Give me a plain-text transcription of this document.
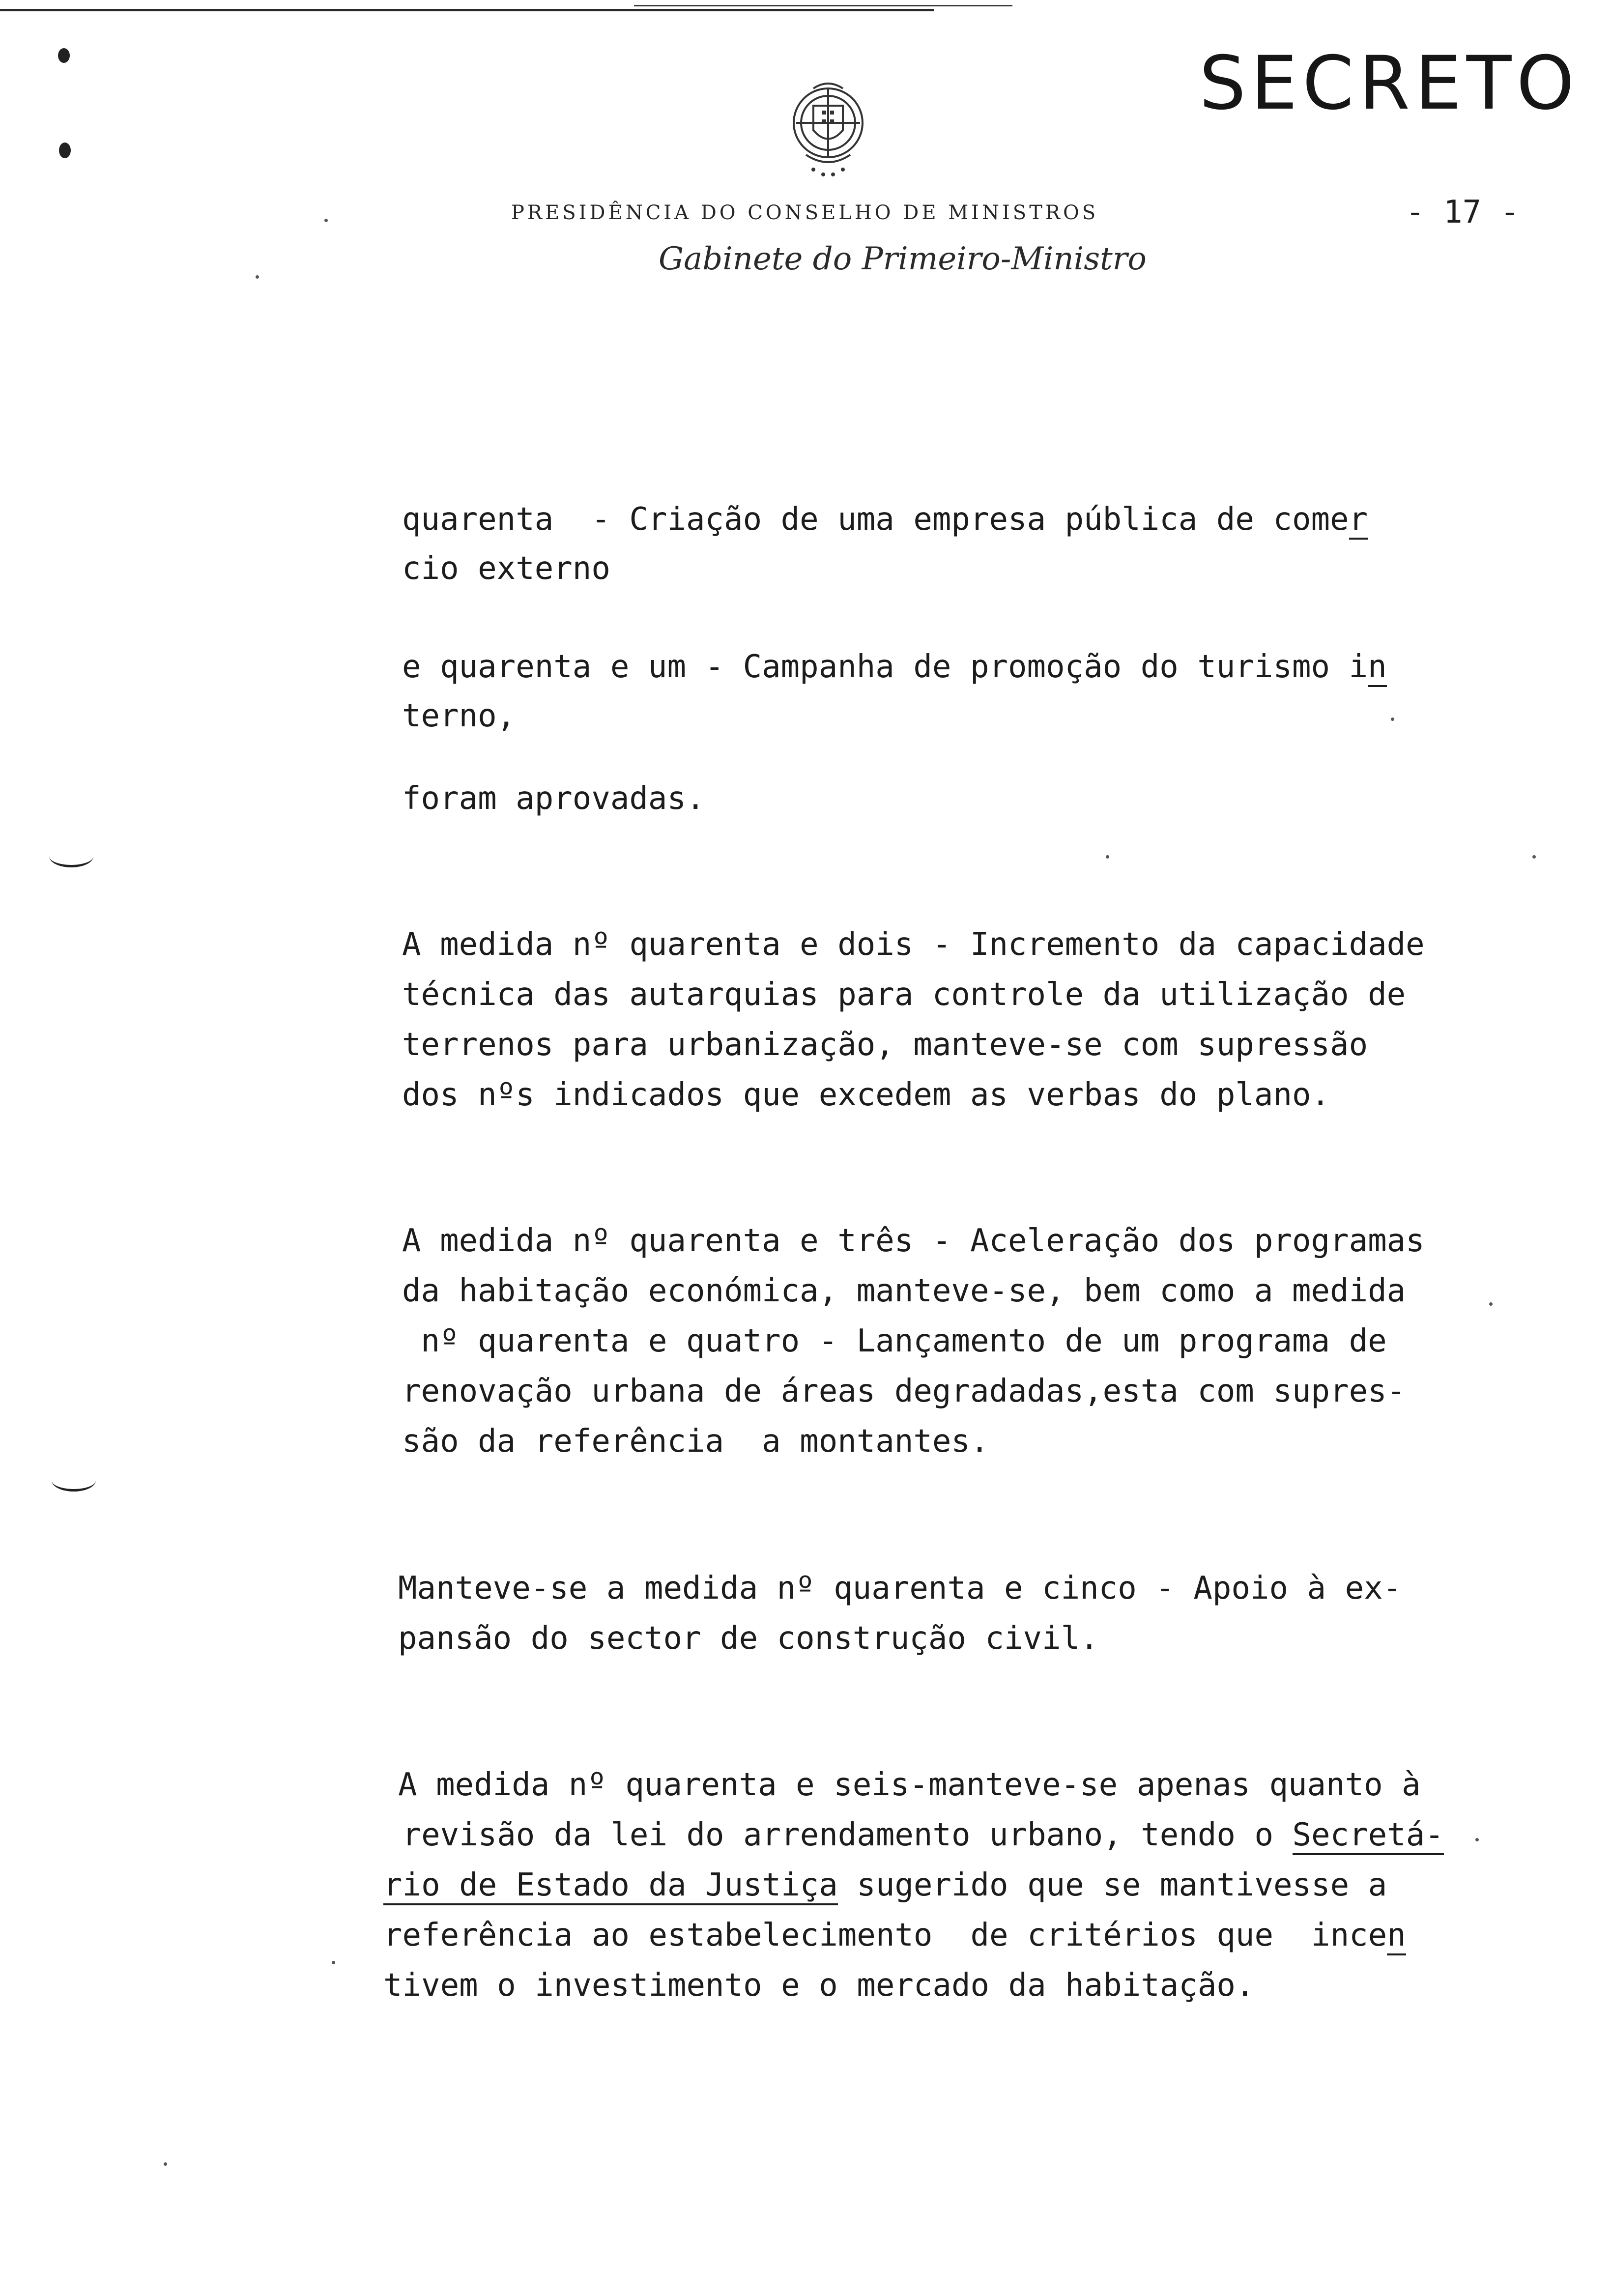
SECRETO
PRESIDÊNCIA DO CONSELHO DE MINISTROS	- 17 -
Gabinete do Primeiro-Ministro
quarenta  - Criação de uma empresa pública de comer
cio externo
e quarenta e um - Campanha de promoção do turismo in
terno,
foram aprovadas.
A medida nº quarenta e dois - Incremento da capacidade
técnica das autarquias para controle da utilização de
terrenos para urbanização, manteve-se com supressão
dos nºs indicados que excedem as verbas do plano.
A medida nº quarenta e três - Aceleração dos programas
da habitação económica, manteve-se, bem como a medida
nº quarenta e quatro - Lançamento de um programa de
renovação urbana de áreas degradadas,esta com supres-
são da referência  a montantes.
Manteve-se a medida nº quarenta e cinco - Apoio à ex-
pansão do sector de construção civil.
A medida nº quarenta e seis-manteve-se apenas quanto à
revisão da lei do arrendamento urbano, tendo o Secretá-
rio de Estado da Justiça sugerido que se mantivesse a
referência ao estabelecimento  de critérios que  incen
tivem o investimento e o mercado da habitação.
